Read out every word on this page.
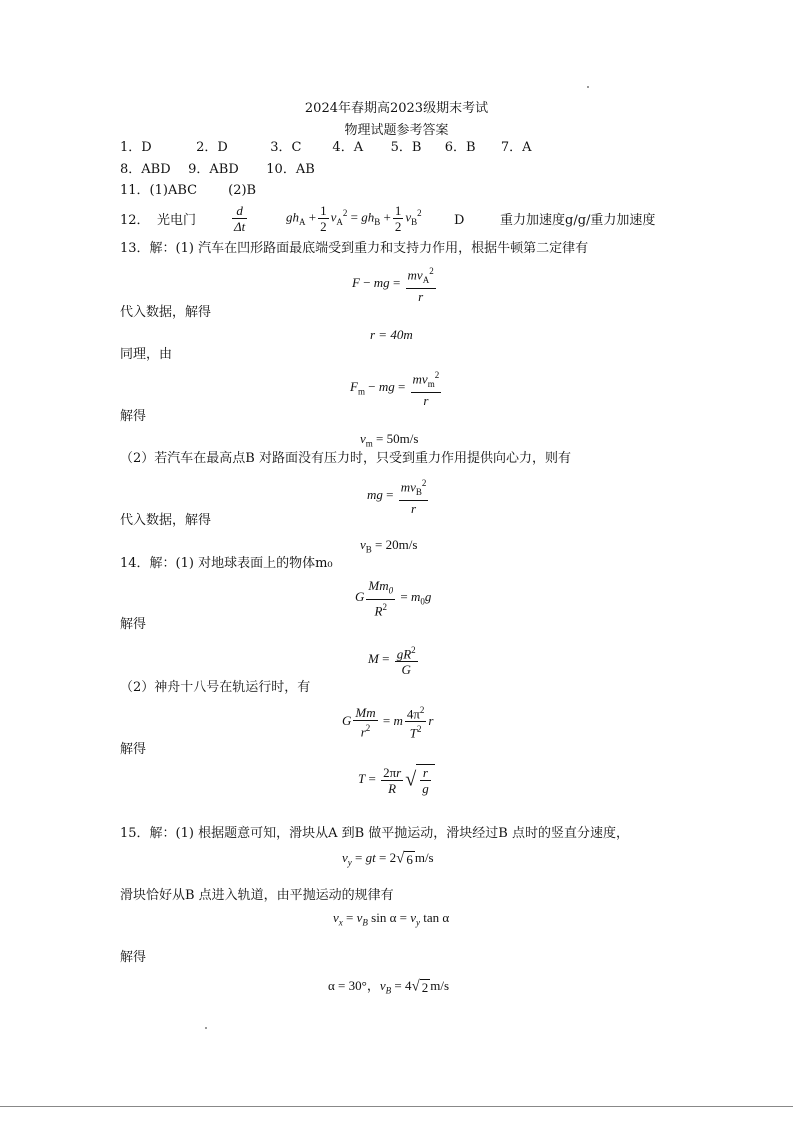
2024年春期高2023级期末考试
物理试题参考答案
1．D	2．D	3．C 4．A 5．B 6．B 7．A
8．ABD 9．ABD 10．AB
11．(1)ABC (2)B
12． 光电门	$\frac{d}{\Delta t}$	$gh_A + \frac{1}{2} v_A^2 = gh_B + \frac{1}{2} v_B^2$ D	重力加速度g/g/重力加速度
13．解：(1) 汽车在凹形路面最底端受到重力和支持力作用，根据牛顿第二定律有
F − mg = $\frac{mv_A^2}{r}$
代入数据，解得
r = 40m
同理，由
$F_m$ − mg = $\frac{mv_m^2}{r}$
解得
$v_m = 50m/s$
（2）若汽车在最高点B 对路面没有压力时，只受到重力作用提供向心力，则有
mg = $\frac{mv_B^2}{r}$
代入数据，解得
$v_B = 20m/s$
14．解：(1) 对地球表面上的物体m₀
G $\frac{Mm_0}{R^2} = m_0g$
解得
$M = \frac{gR^2}{G}$
（2）神舟十八号在轨运行时，有
G $\frac{Mm}{r^2} = m \frac{4\pi^2}{T^2}$ r
解得
$T = \frac{2\pi r}{R}$ √ $\frac{r}{g}$
15．解：(1) 根据题意可知，滑块从A 到B 做平抛运动，滑块经过B 点时的竖直分速度，
$v_y$ = gt = 2√ 6 m/s
滑块恰好从B 点进入轨道，由平抛运动的规律有
$v_x = v_B$ $\sin \alpha = v_y$ tan α
解得
α = 30°，$v_B = 4√$ 2 m/s
